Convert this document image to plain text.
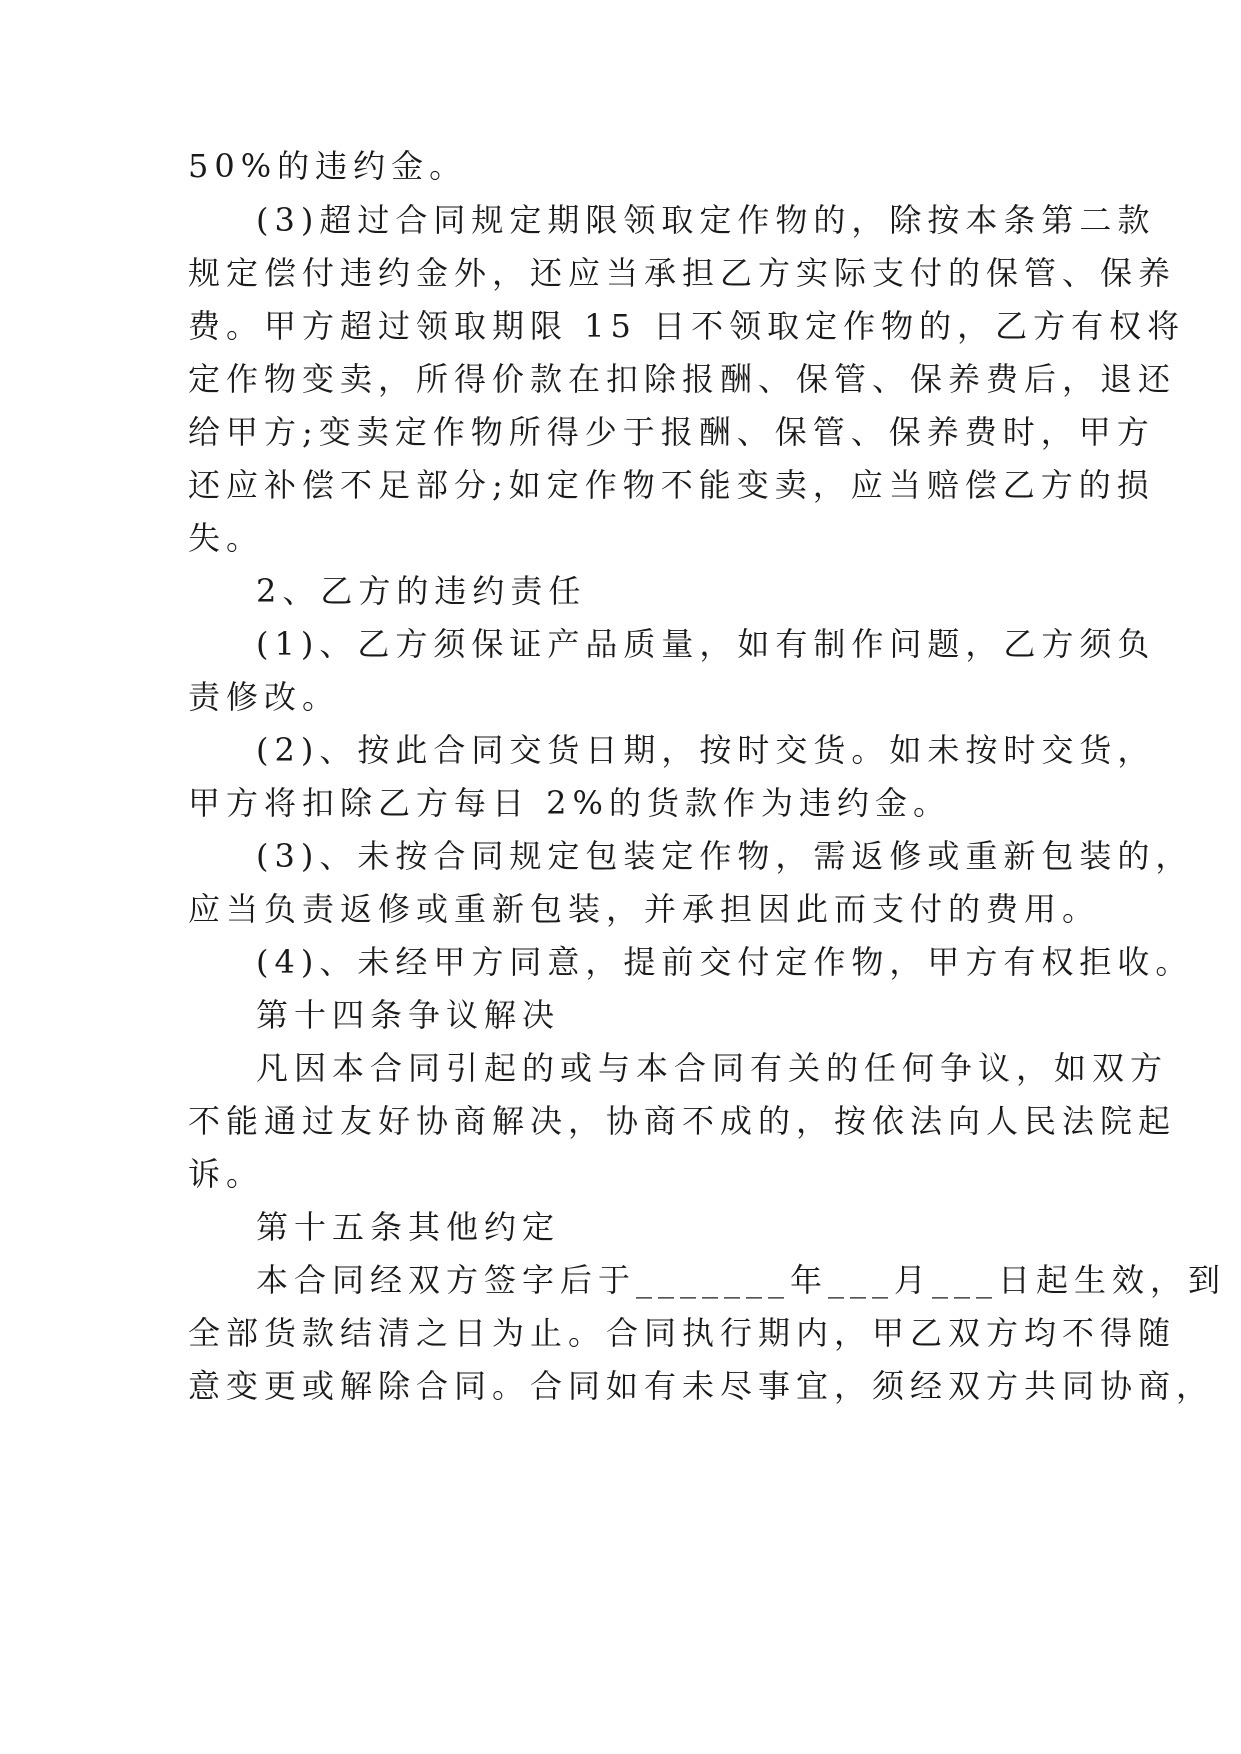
50%的违约金。
(3)超过合同规定期限领取定作物的，除按本条第二款
规定偿付违约金外，还应当承担乙方实际支付的保管、保养
费。甲方超过领取期限 15 日不领取定作物的，乙方有权将
定作物变卖，所得价款在扣除报酬、保管、保养费后，退还
给甲方;变卖定作物所得少于报酬、保管、保养费时，甲方
还应补偿不足部分;如定作物不能变卖，应当赔偿乙方的损
失。
2、乙方的违约责任
(1)、乙方须保证产品质量，如有制作问题，乙方须负
责修改。
(2)、按此合同交货日期，按时交货。如未按时交货，
甲方将扣除乙方每日 2%的货款作为违约金。
(3)、未按合同规定包装定作物，需返修或重新包装的，
应当负责返修或重新包装，并承担因此而支付的费用。
(4)、未经甲方同意，提前交付定作物，甲方有权拒收。
第十四条争议解决
凡因本合同引起的或与本合同有关的任何争议，如双方
不能通过友好协商解决，协商不成的，按依法向人民法院起
诉。
第十五条其他约定
本合同经双方签字后于_______年___月___日起生效，到
全部货款结清之日为止。合同执行期内，甲乙双方均不得随
意变更或解除合同。合同如有未尽事宜，须经双方共同协商，
